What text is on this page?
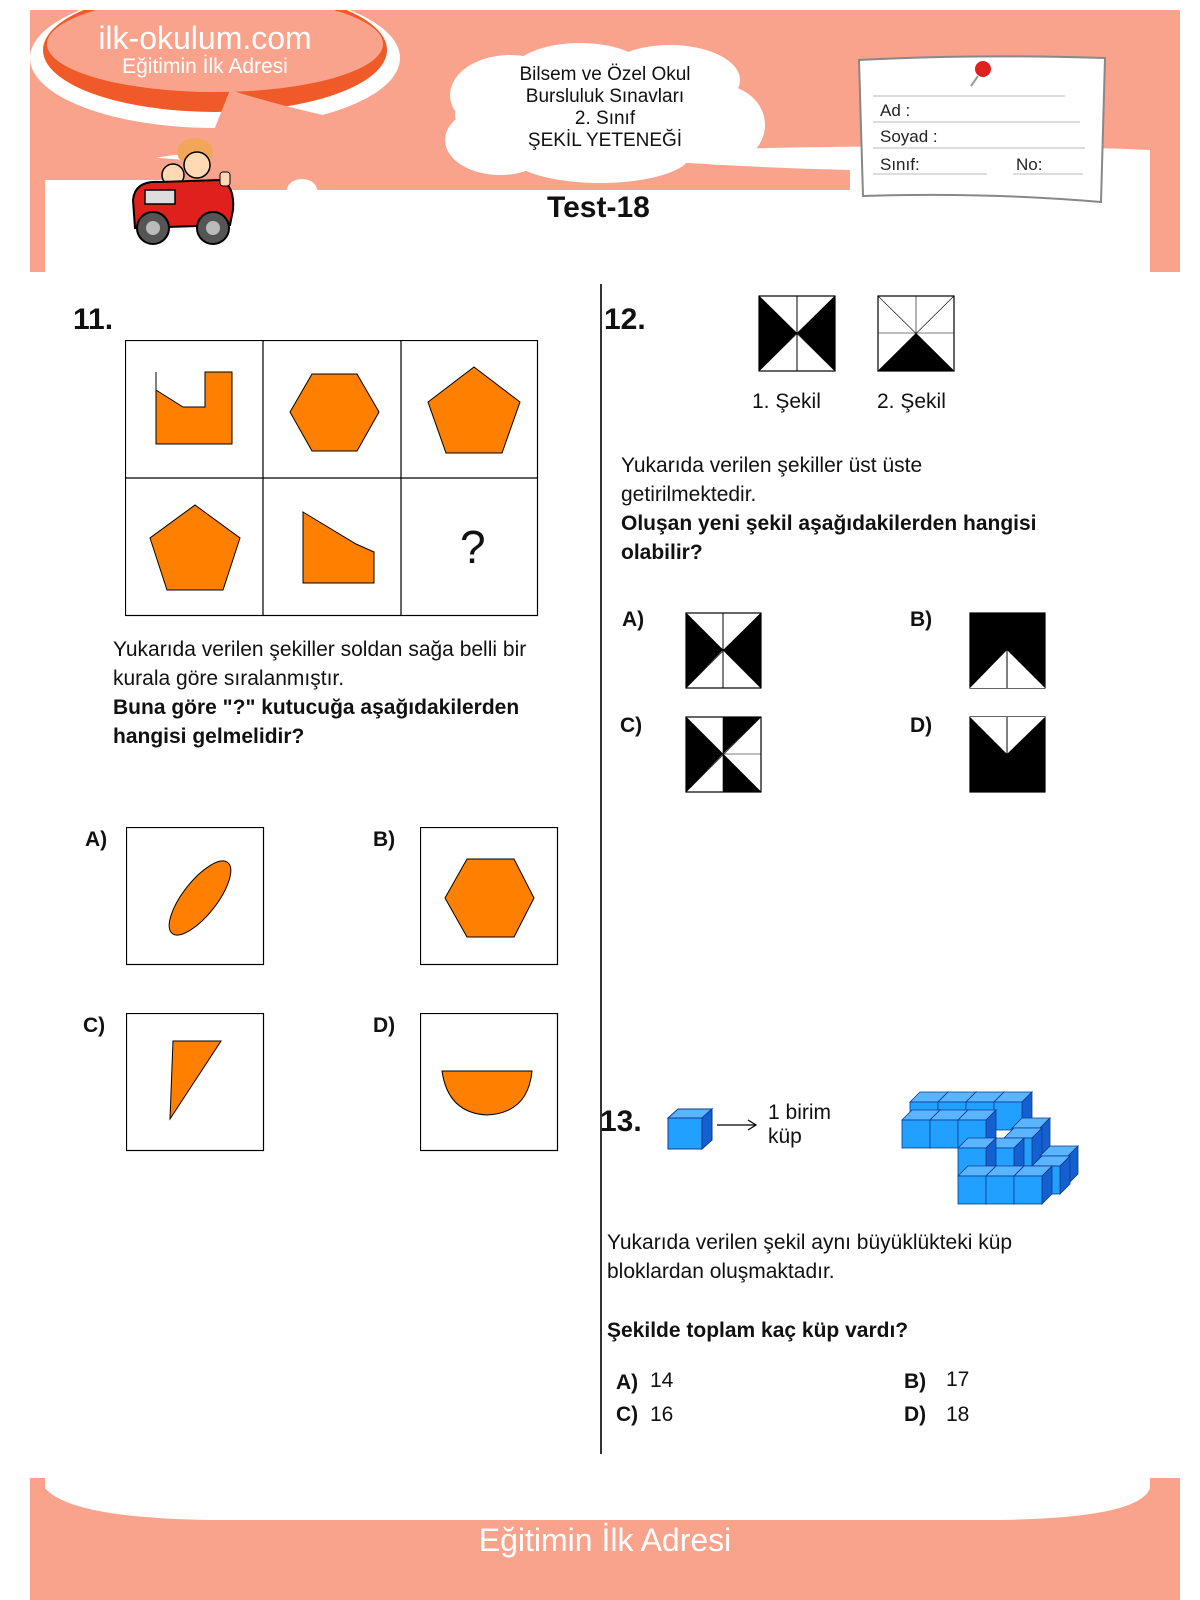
ilk-okulum.com
Eğitimin İlk Adresi	Bilsem ve Özel Okul
Bursluluk Sınavları
2. Sınıf
ŞEKİL YETENEĞİ
Test-18
Ad :
Soyad :
Sınıf:	No:
11.
?
Yukarıda verilen şekiller soldan sağa belli bir
kurala göre sıralanmıştır.
Buna göre "?" kutucuğa aşağıdakilerden
hangisi gelmelidir?
A)	B)
C)	D)
12.
1. Şekil	2. Şekil
Yukarıda verilen şekiller üst üste
getirilmektedir.
Oluşan yeni şekil aşağıdakilerden hangisi
olabilir?
A)	B)
C)	D)
13.	1 birim
küp
Yukarıda verilen şekil aynı büyüklükteki küp
bloklardan oluşmaktadır.
Şekilde toplam kaç küp vardı?
A) 14	B) 17
C) 16	D) 18
ilk-okulum.com
Eğitimin İlk Adresi
